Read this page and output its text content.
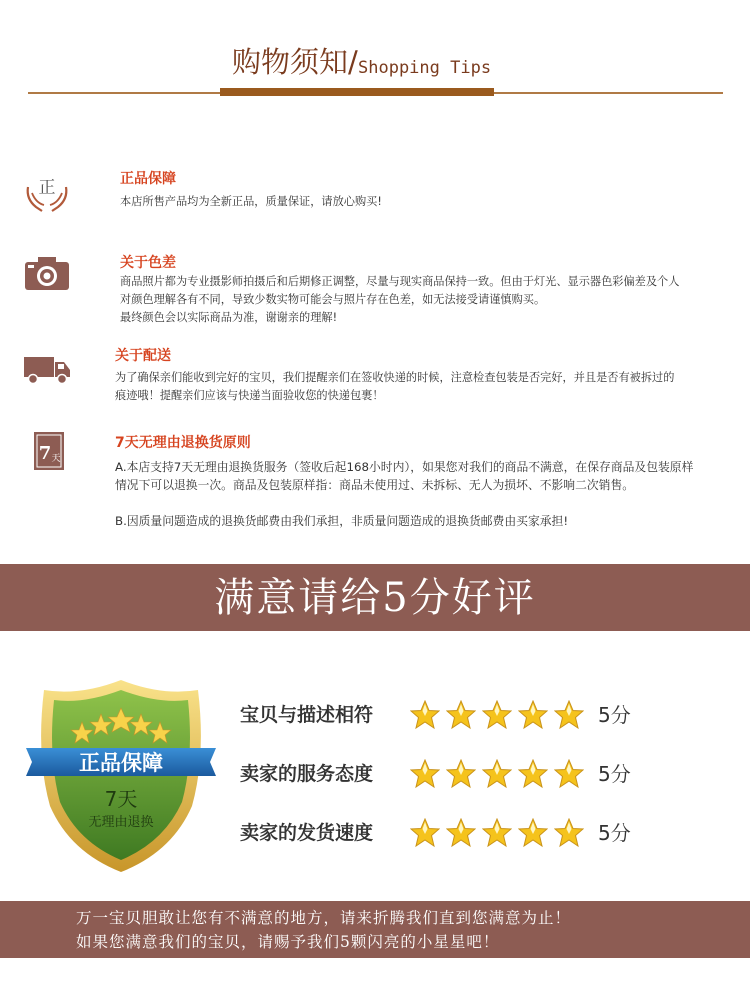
购物须知/ Shopping Tips
正	正品保障
本店所售产品均为全新正品，质量保证，请放心购买!
关于色差
商品照片都为专业摄影师拍摄后和后期修正调整，尽量与现实商品保持一致。但由于灯光、显示器色彩偏差及个人
对颜色理解各有不同，导致少数实物可能会与照片存在色差，如无法接受请谨慎购买。
最终颜色会以实际商品为准，谢谢亲的理解!
关于配送
为了确保亲们能收到完好的宝贝，我们提醒亲们在签收快递的时候，注意检查包装是否完好，并且是否有被拆过的
痕迹哦！提醒亲们应该与快递当面验收您的快递包裹！
7 天
7天无理由退换货原则
A.本店支持7天无理由退换货服务（签收后起168小时内），如果您对我们的商品不满意，在保存商品及包装原样
情况下可以退换一次。商品及包装原样指：商品未使用过、未拆标、无人为损坏、不影响二次销售。
B.因质量问题造成的退换货邮费由我们承担，非质量问题造成的退换货邮费由买家承担!
满意请给5分好评
正品保障
7天
无理由退换
宝贝与描述相符	5分
卖家的服务态度	5分
卖家的发货速度	5分
万一宝贝胆敢让您有不满意的地方，请来折腾我们直到您满意为止！
如果您满意我们的宝贝，请赐予我们5颗闪亮的小星星吧！
